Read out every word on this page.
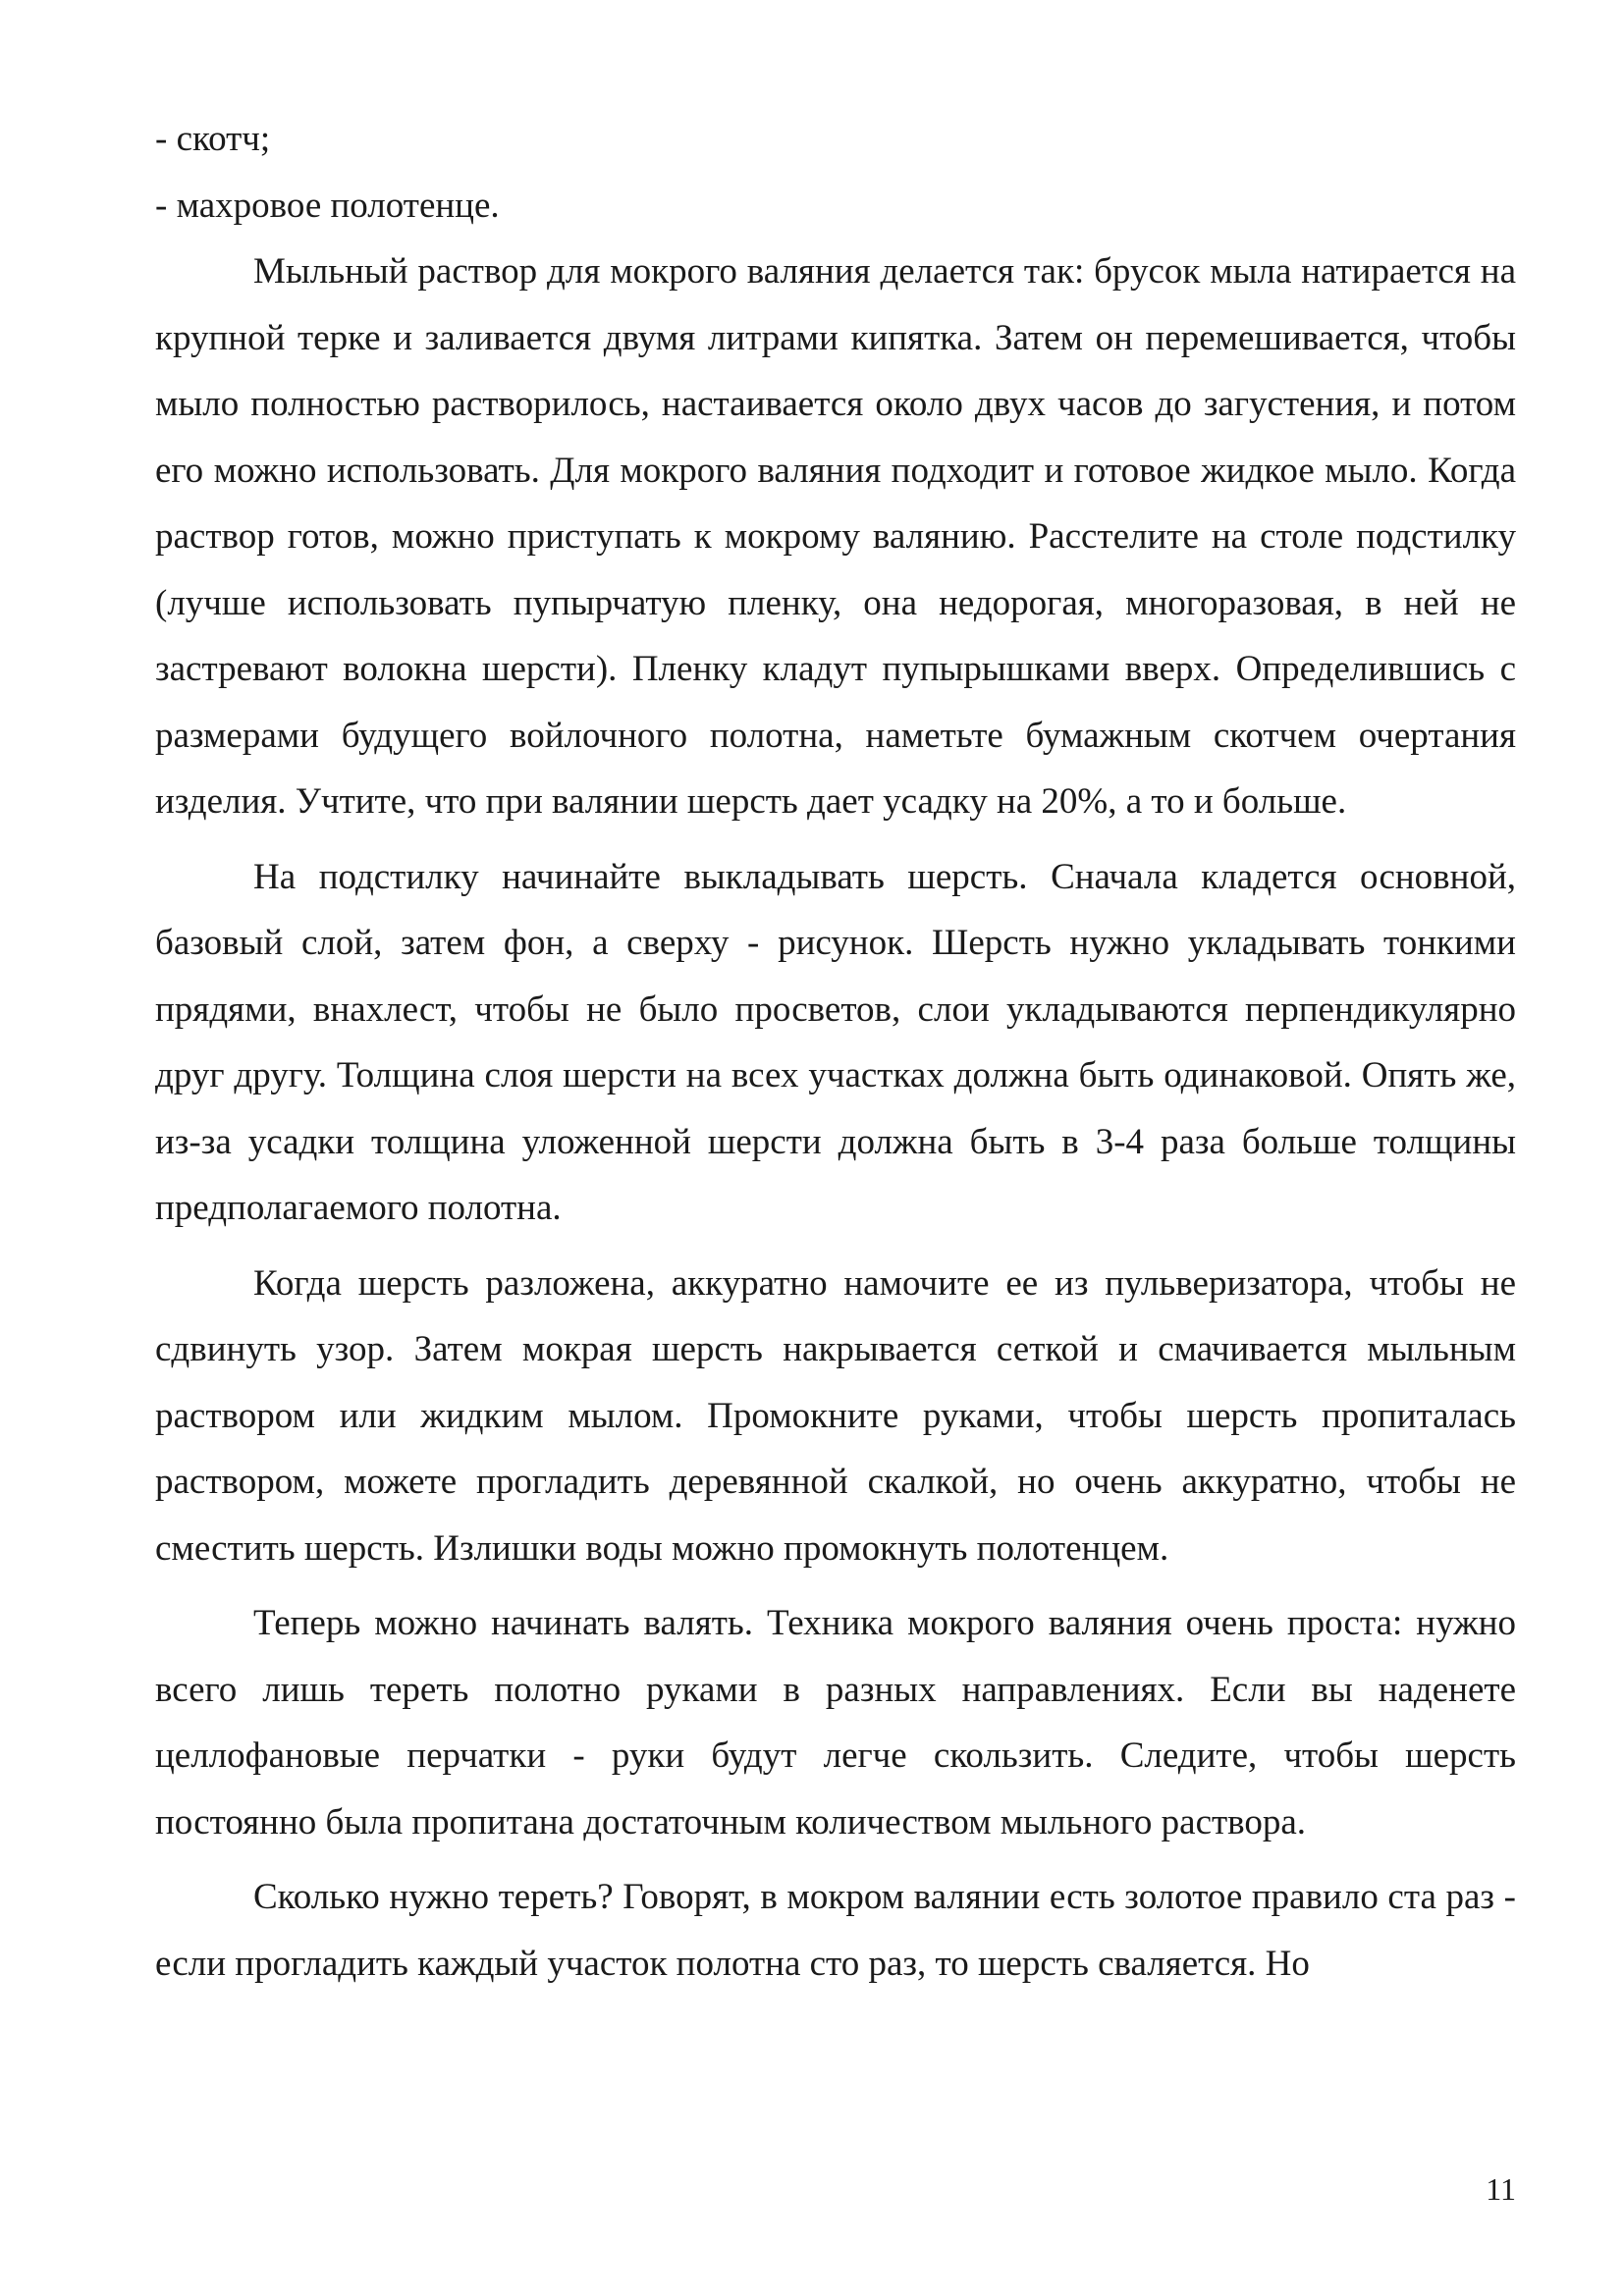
- скотч;

- махровое полотенце.

Мыльный раствор для мокрого валяния делается так: брусок мыла натирается на крупной терке и заливается двумя литрами кипятка. Затем он перемешивается, чтобы мыло полностью растворилось, настаивается около двух часов до загустения, и потом его можно использовать. Для мокрого валяния подходит и готовое жидкое мыло. Когда раствор готов, можно приступать к мокрому валянию. Расстелите на столе подстилку (лучше использовать пупырчатую пленку, она недорогая, многоразовая, в ней не застревают волокна шерсти). Пленку кладут пупырышками вверх. Определившись с размерами будущего войлочного полотна, наметьте бумажным скотчем очертания изделия. Учтите, что при валянии шерсть дает усадку на 20%, а то и больше.

На подстилку начинайте выкладывать шерсть. Сначала кладется основной, базовый слой, затем фон, а сверху - рисунок. Шерсть нужно укладывать тонкими прядями, внахлест, чтобы не было просветов, слои укладываются перпендикулярно друг другу. Толщина слоя шерсти на всех участках должна быть одинаковой. Опять же, из-за усадки толщина уложенной шерсти должна быть в 3-4 раза больше толщины предполагаемого полотна.

Когда шерсть разложена, аккуратно намочите ее из пульверизатора, чтобы не сдвинуть узор. Затем мокрая шерсть накрывается сеткой и смачивается мыльным раствором или жидким мылом. Промокните руками, чтобы шерсть пропиталась раствором, можете прогладить деревянной скалкой, но очень аккуратно, чтобы не сместить шерсть. Излишки воды можно промокнуть полотенцем.

Теперь можно начинать валять. Техника мокрого валяния очень проста: нужно всего лишь тереть полотно руками в разных направлениях. Если вы наденете целлофановые перчатки - руки будут легче скользить. Следите, чтобы шерсть постоянно была пропитана достаточным количеством мыльного раствора.

Сколько нужно тереть? Говорят, в мокром валянии есть золотое правило ста раз - если прогладить каждый участок полотна сто раз, то шерсть сваляется. Но

11
